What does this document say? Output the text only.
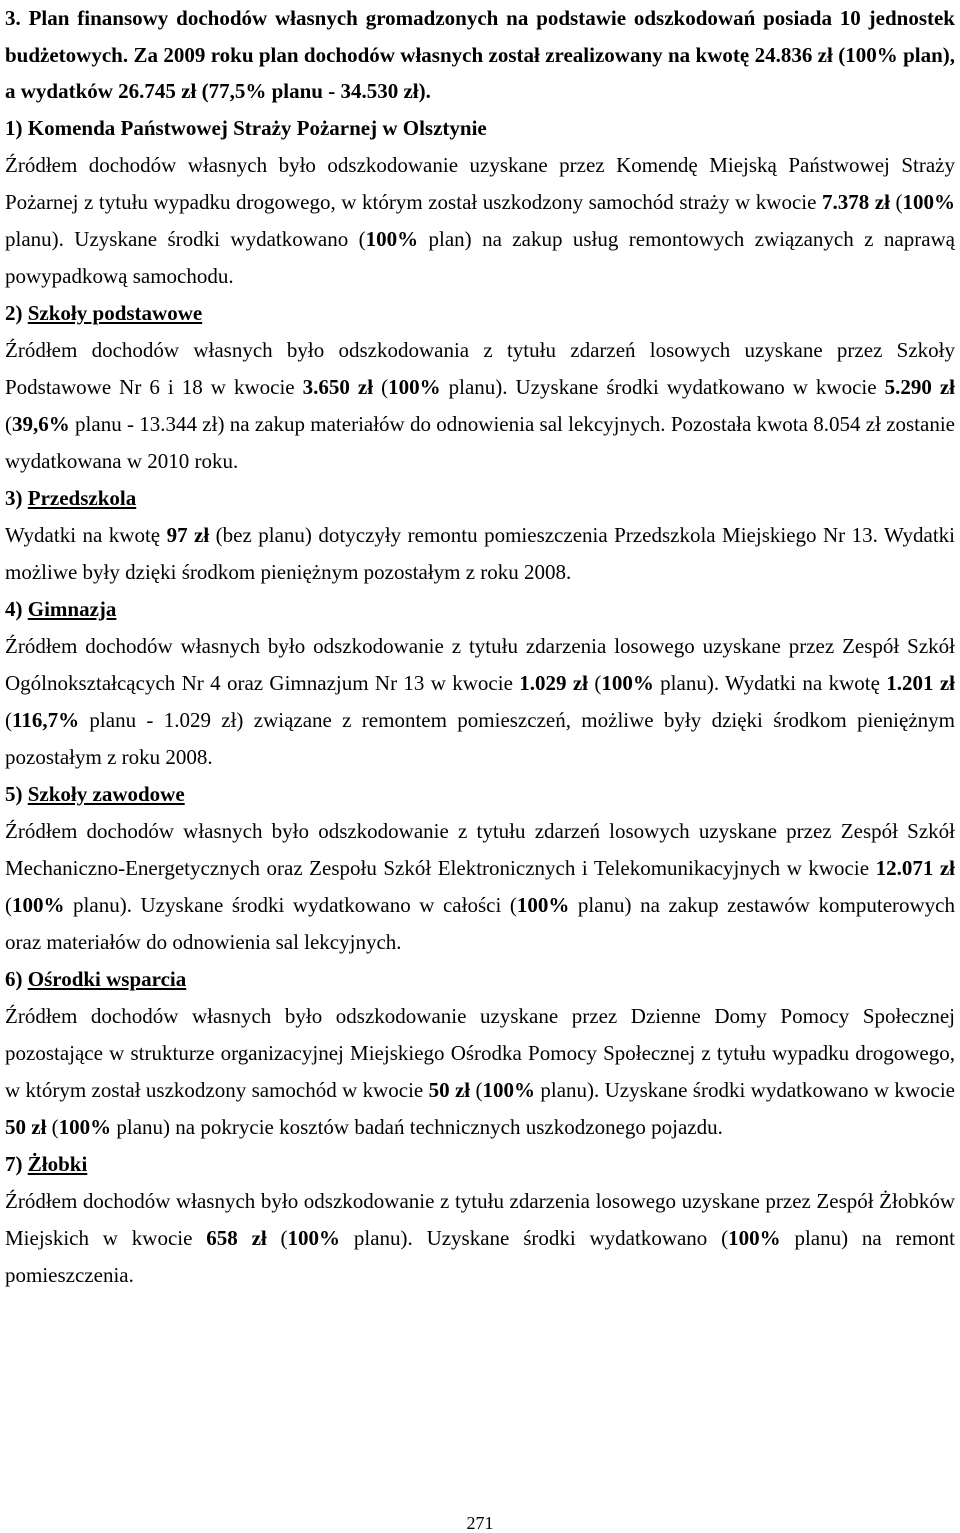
3. Plan finansowy dochodów własnych gromadzonych na podstawie odszkodowań posiada 10 jednostek budżetowych. Za 2009 roku plan dochodów własnych został zrealizowany na kwotę 24.836 zł (100% plan), a wydatków 26.745 zł (77,5% planu - 34.530 zł).

1) Komenda Państwowej Straży Pożarnej w Olsztynie

Źródłem dochodów własnych było odszkodowanie uzyskane przez Komendę Miejską Państwowej Straży Pożarnej z tytułu wypadku drogowego, w którym został uszkodzony samochód straży w kwocie 7.378 zł (100% planu). Uzyskane środki wydatkowano (100% plan) na zakup usług remontowych związanych z naprawą powypadkową samochodu.

2) Szkoły podstawowe

Źródłem dochodów własnych było odszkodowania z tytułu zdarzeń losowych uzyskane przez Szkoły Podstawowe Nr 6 i 18 w kwocie 3.650 zł (100% planu). Uzyskane środki wydatkowano w kwocie 5.290 zł (39,6% planu - 13.344 zł) na zakup materiałów do odnowienia sal lekcyjnych. Pozostała kwota 8.054 zł zostanie wydatkowana w 2010 roku.

3) Przedszkola

Wydatki na kwotę 97 zł (bez planu) dotyczyły remontu pomieszczenia Przedszkola Miejskiego Nr 13. Wydatki możliwe były dzięki środkom pieniężnym pozostałym z roku 2008.

4) Gimnazja

Źródłem dochodów własnych było odszkodowanie z tytułu zdarzenia losowego uzyskane przez Zespół Szkół Ogólnokształcących Nr 4 oraz Gimnazjum Nr 13 w kwocie 1.029 zł (100% planu). Wydatki na kwotę 1.201 zł (116,7% planu - 1.029 zł) związane z remontem pomieszczeń, możliwe były dzięki środkom pieniężnym pozostałym z roku 2008.

5) Szkoły zawodowe

Źródłem dochodów własnych było odszkodowanie z tytułu zdarzeń losowych uzyskane przez Zespół Szkół Mechaniczno-Energetycznych oraz Zespołu Szkół Elektronicznych i Telekomunikacyjnych w kwocie 12.071 zł (100% planu). Uzyskane środki wydatkowano w całości (100% planu) na zakup zestawów komputerowych oraz materiałów do odnowienia sal lekcyjnych.

6) Ośrodki wsparcia

Źródłem dochodów własnych było odszkodowanie uzyskane przez Dzienne Domy Pomocy Społecznej pozostające w strukturze organizacyjnej Miejskiego Ośrodka Pomocy Społecznej z tytułu wypadku drogowego, w którym został uszkodzony samochód w kwocie 50 zł (100% planu). Uzyskane środki wydatkowano w kwocie 50 zł (100% planu) na pokrycie kosztów badań technicznych uszkodzonego pojazdu.

7) Żłobki

Źródłem dochodów własnych było odszkodowanie z tytułu zdarzenia losowego uzyskane przez Zespół Żłobków Miejskich w kwocie 658 zł (100% planu). Uzyskane środki wydatkowano (100% planu) na remont pomieszczenia.

271
